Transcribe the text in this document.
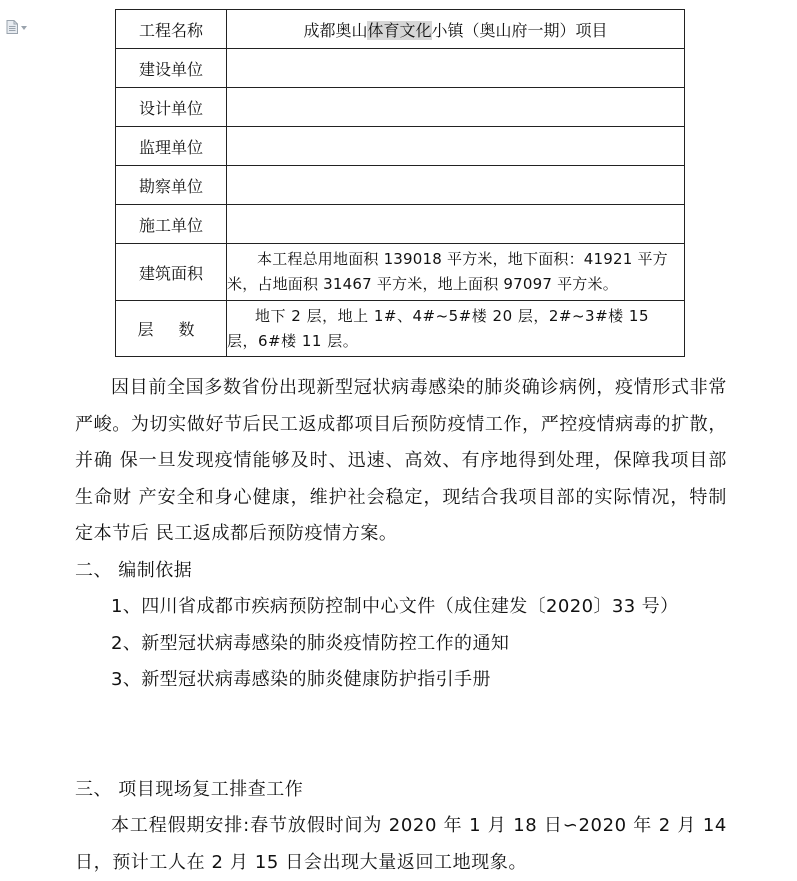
工程名称	成都奥山体育文化小镇（奥山府一期）项目
建设单位	
设计单位	
监理单位	
勘察单位	
施工单位	
建筑面积	本工程总用地面积 139018 平方米，地下面积：41921 平方米，占地面积 31467 平方米，地上面积 97097 平方米。

层 数	地下 2 层，地上 1#、4#~5#楼 20 层，2#~3#楼 15 层，6#楼 11 层。

因目前全国多数省份出现新型冠状病毒感染的肺炎确诊病例，疫情形式非常严峻。为切实做好节后民工返成都项目后预防疫情工作，严控疫情病毒的扩散，并确 保一旦发现疫情能够及时、迅速、高效、有序地得到处理，保障我项目部生命财 产安全和身心健康，维护社会稳定，现结合我项目部的实际情况，特制定本节后 民工返成都后预防疫情方案。

二、 编制依据

1、四川省成都市疾病预防控制中心文件（成住建发〔2020〕33 号）

2、新型冠状病毒感染的肺炎疫情防控工作的通知

3、新型冠状病毒感染的肺炎健康防护指引手册

三、 项目现场复工排查工作

本工程假期安排:春节放假时间为 2020 年 1 月 18 日∽2020 年 2 月 14 日，预计工人在 2 月 15 日会出现大量返回工地现象。
